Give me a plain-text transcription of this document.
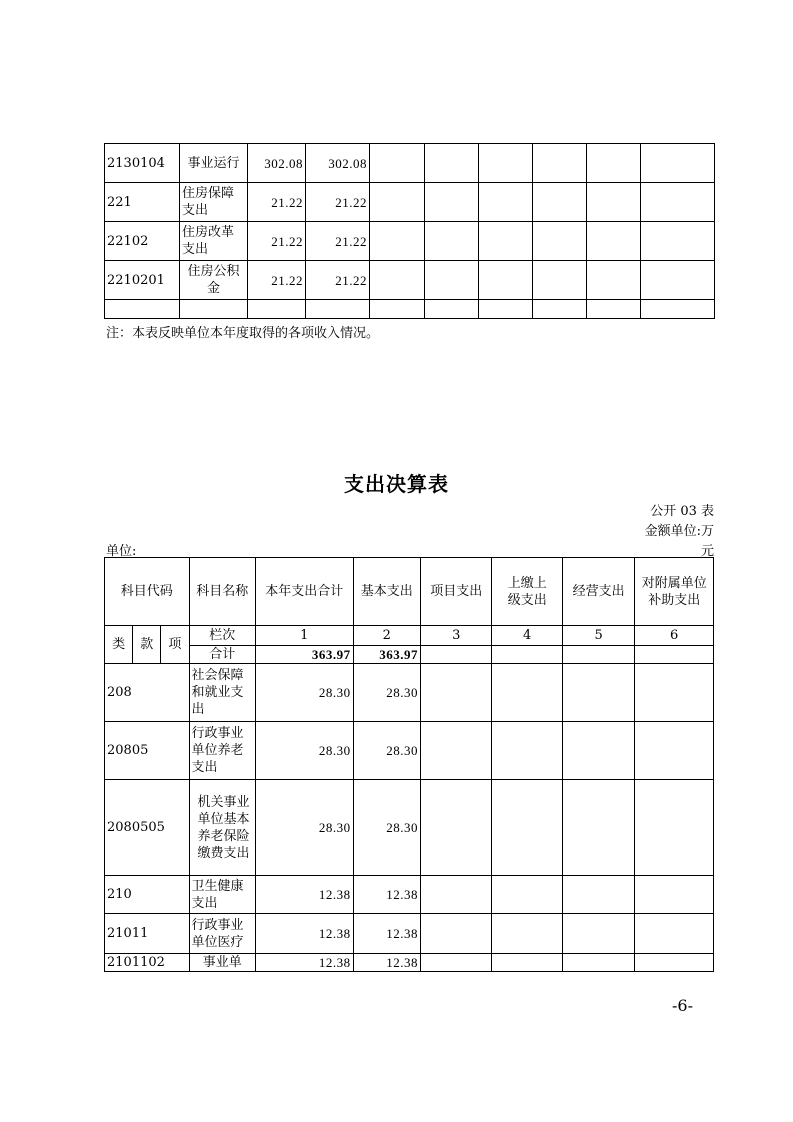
2130104	事业运行	302.08	302.08						
221	住房保障支出	21.22	21.22						
22102	住房改革支出	21.22	21.22						
2210201	住房公积金	21.22	21.22						

注：本表反映单位本年度取得的各项收入情况。
支出决算表
公开 03 表
金额单位:万
元
单位:
科目代码			科目名称	本年支出合计	基本支出	项目支出	上缴上级支出	经营支出	对附属单位补助支出
类	款	项	栏次	1	2	3	4	5	6
			合计	363.97	363.97				
208			社会保障和就业支出	28.30	28.30				
20805			行政事业单位养老支出	28.30	28.30				
2080505			机关事业单位基本养老保险缴费支出	28.30	28.30				
210			卫生健康支出	12.38	12.38				
21011			行政事业单位医疗	12.38	12.38				
2101102			事业单	12.38	12.38				
-6-
